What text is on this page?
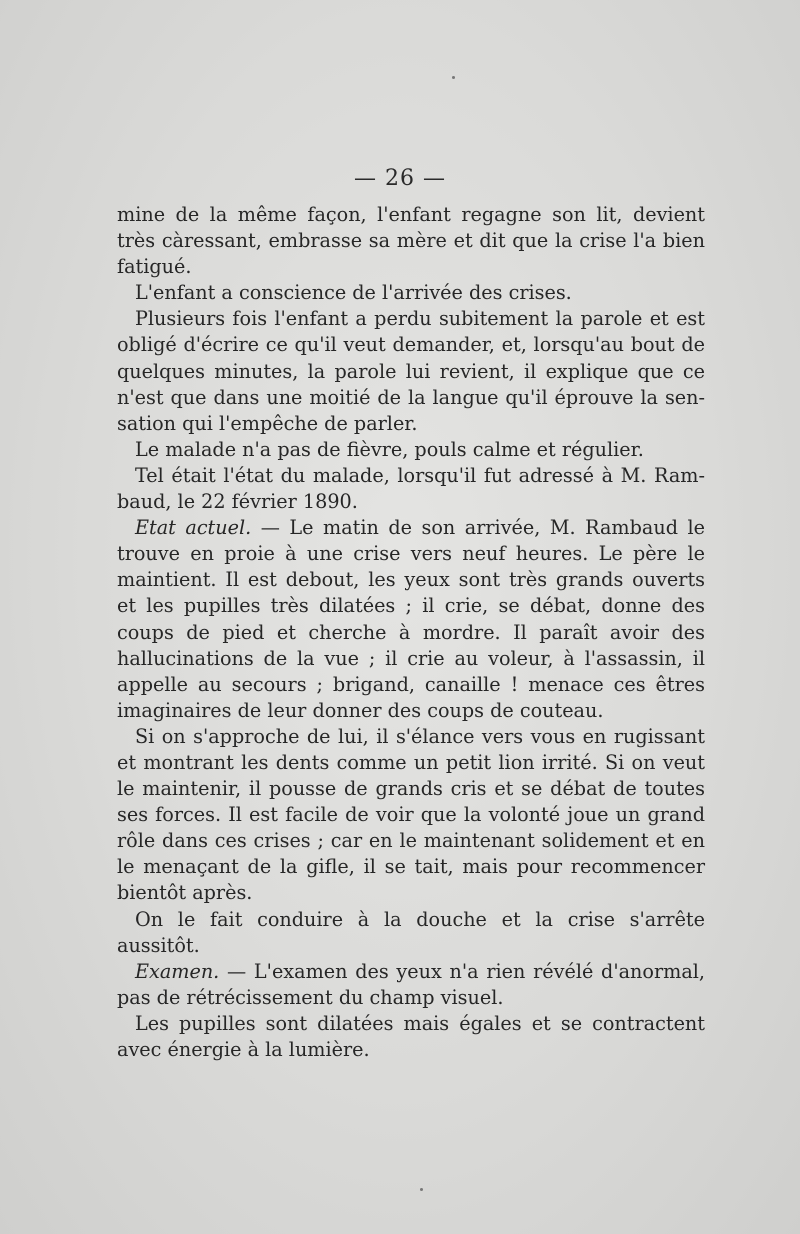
— 26 —

mine de la même façon, l'enfant regagne son lit, devient très càressant, embrasse sa mère et dit que la crise l'a bien fatigué.

L'enfant a conscience de l'arrivée des crises.

Plusieurs fois l'enfant a perdu subitement la parole et est obligé d'écrire ce qu'il veut demander, et, lorsqu'au bout de quelques minutes, la parole lui revient, il explique que ce n'est que dans une moitié de la langue qu'il éprouve la sensation qui l'empêche de parler.

Le malade n'a pas de fièvre, pouls calme et régulier.

Tel était l'état du malade, lorsqu'il fut adressé à M. Rambaud, le 22 février 1890.

Etat actuel. — Le matin de son arrivée, M. Rambaud le trouve en proie à une crise vers neuf heures. Le père le maintient. Il est debout, les yeux sont très grands ouverts et les pupilles très dilatées ; il crie, se débat, donne des coups de pied et cherche à mordre. Il paraît avoir des hallucinations de la vue ; il crie au voleur, à l'assassin, il appelle au secours ; brigand, canaille ! menace ces êtres imaginaires de leur donner des coups de couteau.

Si on s'approche de lui, il s'élance vers vous en rugissant et montrant les dents comme un petit lion irrité. Si on veut le maintenir, il pousse de grands cris et se débat de toutes ses forces. Il est facile de voir que la volonté joue un grand rôle dans ces crises ; car en le maintenant solidement et en le menaçant de la gifle, il se tait, mais pour recommencer bientôt après.

On le fait conduire à la douche et la crise s'arrête aussitôt.

Examen. — L'examen des yeux n'a rien révélé d'anormal, pas de rétrécissement du champ visuel.

Les pupilles sont dilatées mais égales et se contractent avec énergie à la lumière.
